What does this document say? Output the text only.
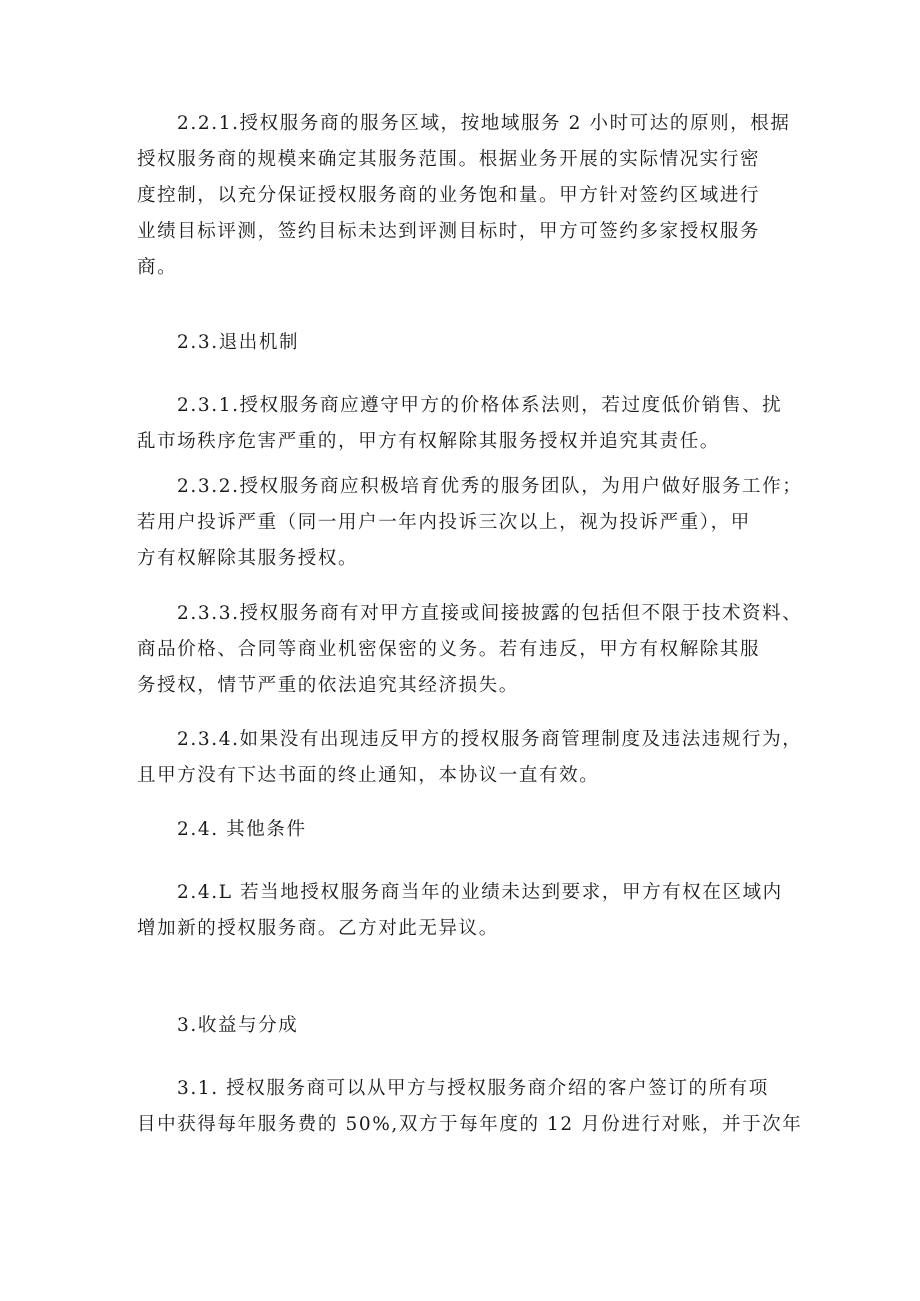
2.2.1.授权服务商的服务区域，按地域服务 2 小时可达的原则，根据
授权服务商的规模来确定其服务范围。根据业务开展的实际情况实行密
度控制，以充分保证授权服务商的业务饱和量。甲方针对签约区域进行
业绩目标评测，签约目标未达到评测目标时，甲方可签约多家授权服务
商。
2.3.退出机制
2.3.1.授权服务商应遵守甲方的价格体系法则，若过度低价销售、扰
乱市场秩序危害严重的，甲方有权解除其服务授权并追究其责任。
2.3.2.授权服务商应积极培育优秀的服务团队，为用户做好服务工作；
若用户投诉严重（同一用户一年内投诉三次以上，视为投诉严重），甲
方有权解除其服务授权。
2.3.3.授权服务商有对甲方直接或间接披露的包括但不限于技术资料、
商品价格、合同等商业机密保密的义务。若有违反，甲方有权解除其服
务授权，情节严重的依法追究其经济损失。
2.3.4.如果没有出现违反甲方的授权服务商管理制度及违法违规行为，
且甲方没有下达书面的终止通知，本协议一直有效。
2.4. 其他条件
2.4.L 若当地授权服务商当年的业绩未达到要求，甲方有权在区域内
增加新的授权服务商。乙方对此无异议。
3.收益与分成
3.1. 授权服务商可以从甲方与授权服务商介绍的客户签订的所有项
目中获得每年服务费的 50%,双方于每年度的 12 月份进行对账，并于次年
